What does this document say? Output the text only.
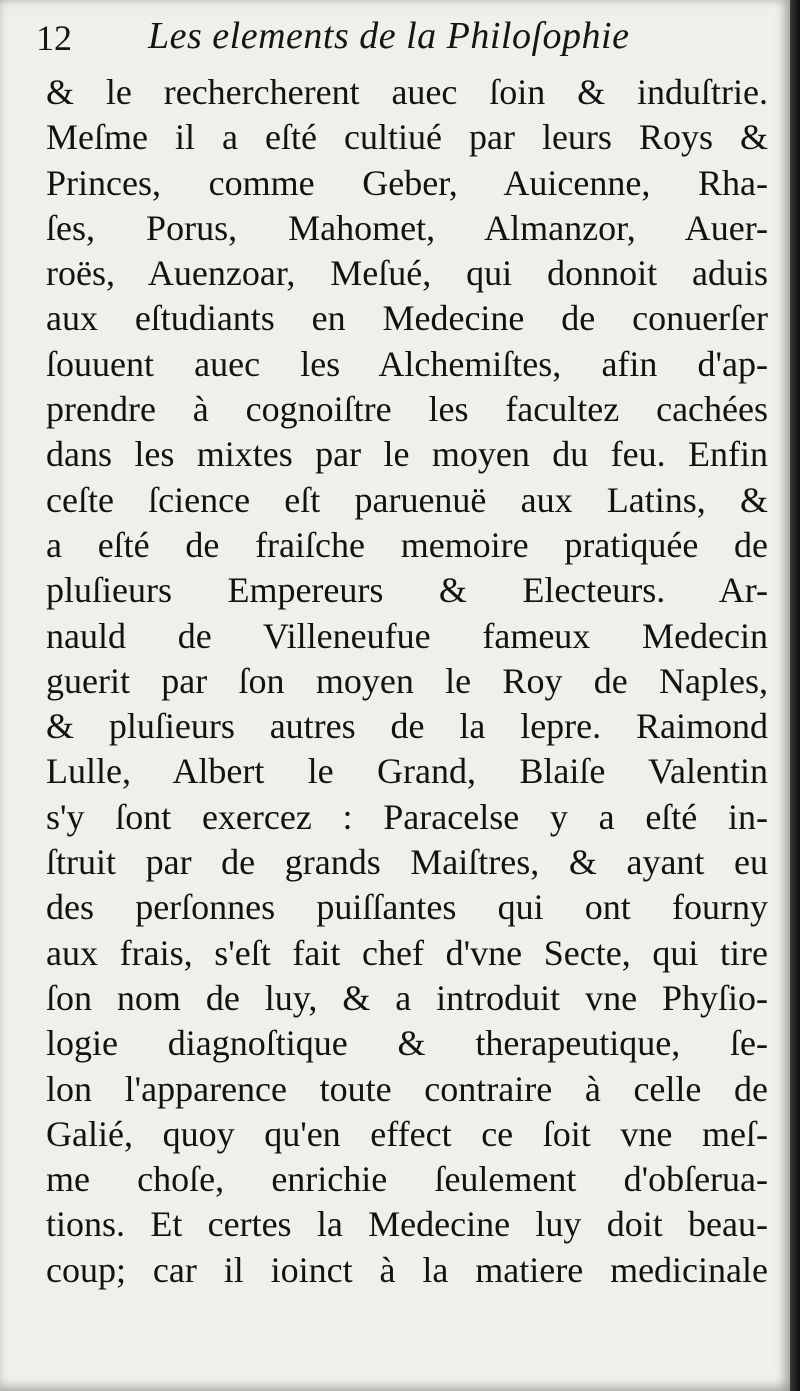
12 Les elements de la Philoſophie
& le rechercherent auec ſoin & induſtrie.
Meſme il a eſté cultiué par leurs Roys &
Princes, comme Geber, Auicenne, Rha-
ſes, Porus, Mahomet, Almanzor, Auer-
roës, Auenzoar, Meſué, qui donnoit aduis
aux eſtudiants en Medecine de conuerſer
ſouuent auec les Alchemiſtes, afin d'ap-
prendre à cognoiſtre les facultez cachées
dans les mixtes par le moyen du feu. Enfin
ceſte ſcience eſt paruenuë aux Latins, &
a eſté de fraiſche memoire pratiquée de
pluſieurs Empereurs & Electeurs. Ar-
nauld de Villeneufue fameux Medecin
guerit par ſon moyen le Roy de Naples,
& pluſieurs autres de la lepre. Raimond
Lulle, Albert le Grand, Blaiſe Valentin
s'y ſont exercez : Paracelse y a eſté in-
ſtruit par de grands Maiſtres, & ayant eu
des perſonnes puiſſantes qui ont fourny
aux frais, s'eſt fait chef d'vne Secte, qui tire
ſon nom de luy, & a introduit vne Phyſio-
logie diagnoſtique & therapeutique, ſe-
lon l'apparence toute contraire à celle de
Galié, quoy qu'en effect ce ſoit vne meſ-
me choſe, enrichie ſeulement d'obſerua-
tions. Et certes la Medecine luy doit beau-
coup; car il ioinct à la matiere medicinale
